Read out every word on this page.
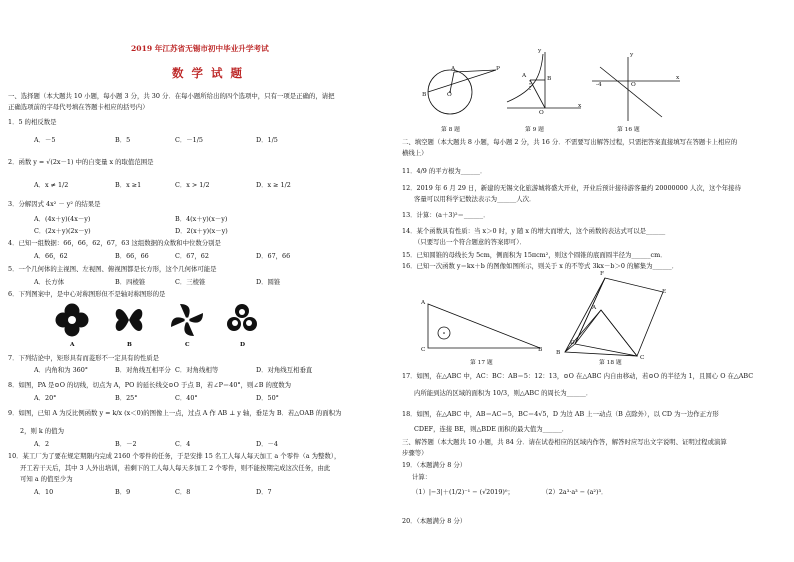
2019 年江苏省无锡市初中毕业升学考试
数 学 试 题
一、选择题（本大题共 10 小题，每小题 3 分，共 30 分．在每小题所给出的四个选项中，只有一项是正确的，请把
正确选项前的字母代号填在答题卡相应的括号内）
1．5 的相反数是
A．－5	B．5	C．－1/5	D．1/5
2．函数 y = √(2x－1) 中的自变量 x 的取值范围是
A．x ≠ 1/2	B．x ≥1	C．x > 1/2	D．x ≥ 1/2
3．分解因式 4x² － y² 的结果是
A．(4x＋y)(4x－y)	B．4(x＋y)(x－y)
C．(2x＋y)(2x－y)	D．2(x＋y)(x－y)
4．已知一组数据：66，66，62，67，63 这组数据的众数和中位数分别是
A．66，62	B．66，66	C．67，62	D．67，66
5．一个几何体的主视图、左视图、俯视图都是长方形，这个几何体可能是
A．长方体	B．四棱锥	C．三棱锥	D．圆锥
6．下列图案中，是中心对称图形但不是轴对称图形的是
A	B	C	D
7．下列结论中，矩形具有而菱形不一定具有的性质是
A．内角和为 360°	B．对角线互相平分 C．对角线相等	D．对角线互相垂直
8．如图，PA 是⊙O 的切线，切点为 A，PO 的延长线交⊙O 于点 B，若∠P＝40°，则∠B 的度数为
A．20°	B．25°	C．40°	D．50°
9．如图，已知 A 为反比例函数 y = k/x (x＜0)的图像上一点，过点 A 作 AB ⊥ y 轴，垂足为 B．若△OAB 的面积为
2，则 k 的值为
A．2	B．－2	C．4	D．－4
10．某工厂为了要在规定期限内完成 2160 个零件的任务，于是安排 15 名工人每人每天加工 a 个零件（a 为整数），
开工若干天后，其中 3 人外出培训，若剩下的工人每人每天多加工 2 个零件，则不能按期完成这次任务，由此
可知 a 的值至少为
A．10	B．9	C．8	D．7
A
O
P
B
第 8 题
A
y
B
O
x
第 9 题
y
-4	O
x
第 16 题
二、填空题（本大题共 8 小题，每小题 2 分，共 16 分．不需要写出解答过程，只需把答案直接填写在答题卡上相应的
横线上）
11．4/9 的平方根为______．
12．2019 年 6 月 29 日，新建的无锡文化旅游城将盛大开业，开业后预计接待游客量约 20000000 人次，这个年接待
客量可以用科学记数法表示为______人次．
13．计算：(a＋3)²＝______．
14．某个函数具有性质：当 x＞0 时，y 随 x 的增大而增大，这个函数的表达式可以是______
（只要写出一个符合题意的答案即可）．
15．已知圆锥的母线长为 5cm，侧面积为 15πcm²，则这个圆锥的底面圆半径为______cm．
16．已知一次函数 y＝kx＋b 的图像如图所示，则关于 x 的不等式 3kx－b＞0 的解集为______．
A
C	B
第 17 题
F
E
A
D
B
C
第 18 题
17．如图，在△ABC 中，AC：BC：AB＝5：12：13，⊙O 在△ABC 内自由移动，若⊙O 的半径为 1，且圆心 O 在△ABC
内所能到达的区域的面积为 10/3，则△ABC 的周长为______．
18．如图，在△ABC 中，AB＝AC＝5，BC＝4√5，D 为边 AB 上一动点（B 点除外），以 CD 为一边作正方形
CDEF，连接 BE，则△BDE 面积的最大值为______．
三、解答题（本大题共 10 小题，共 84 分．请在试卷相应的区域内作答，解答时应写出文字说明、证明过程或演算
步骤等）
19．（本题满分 8 分）
计算：
（1）|−3|＋(1/2)⁻¹ − (√2019)⁰；	（2）2a³·a³ − (a²)³．
20．（本题满分 8 分）
